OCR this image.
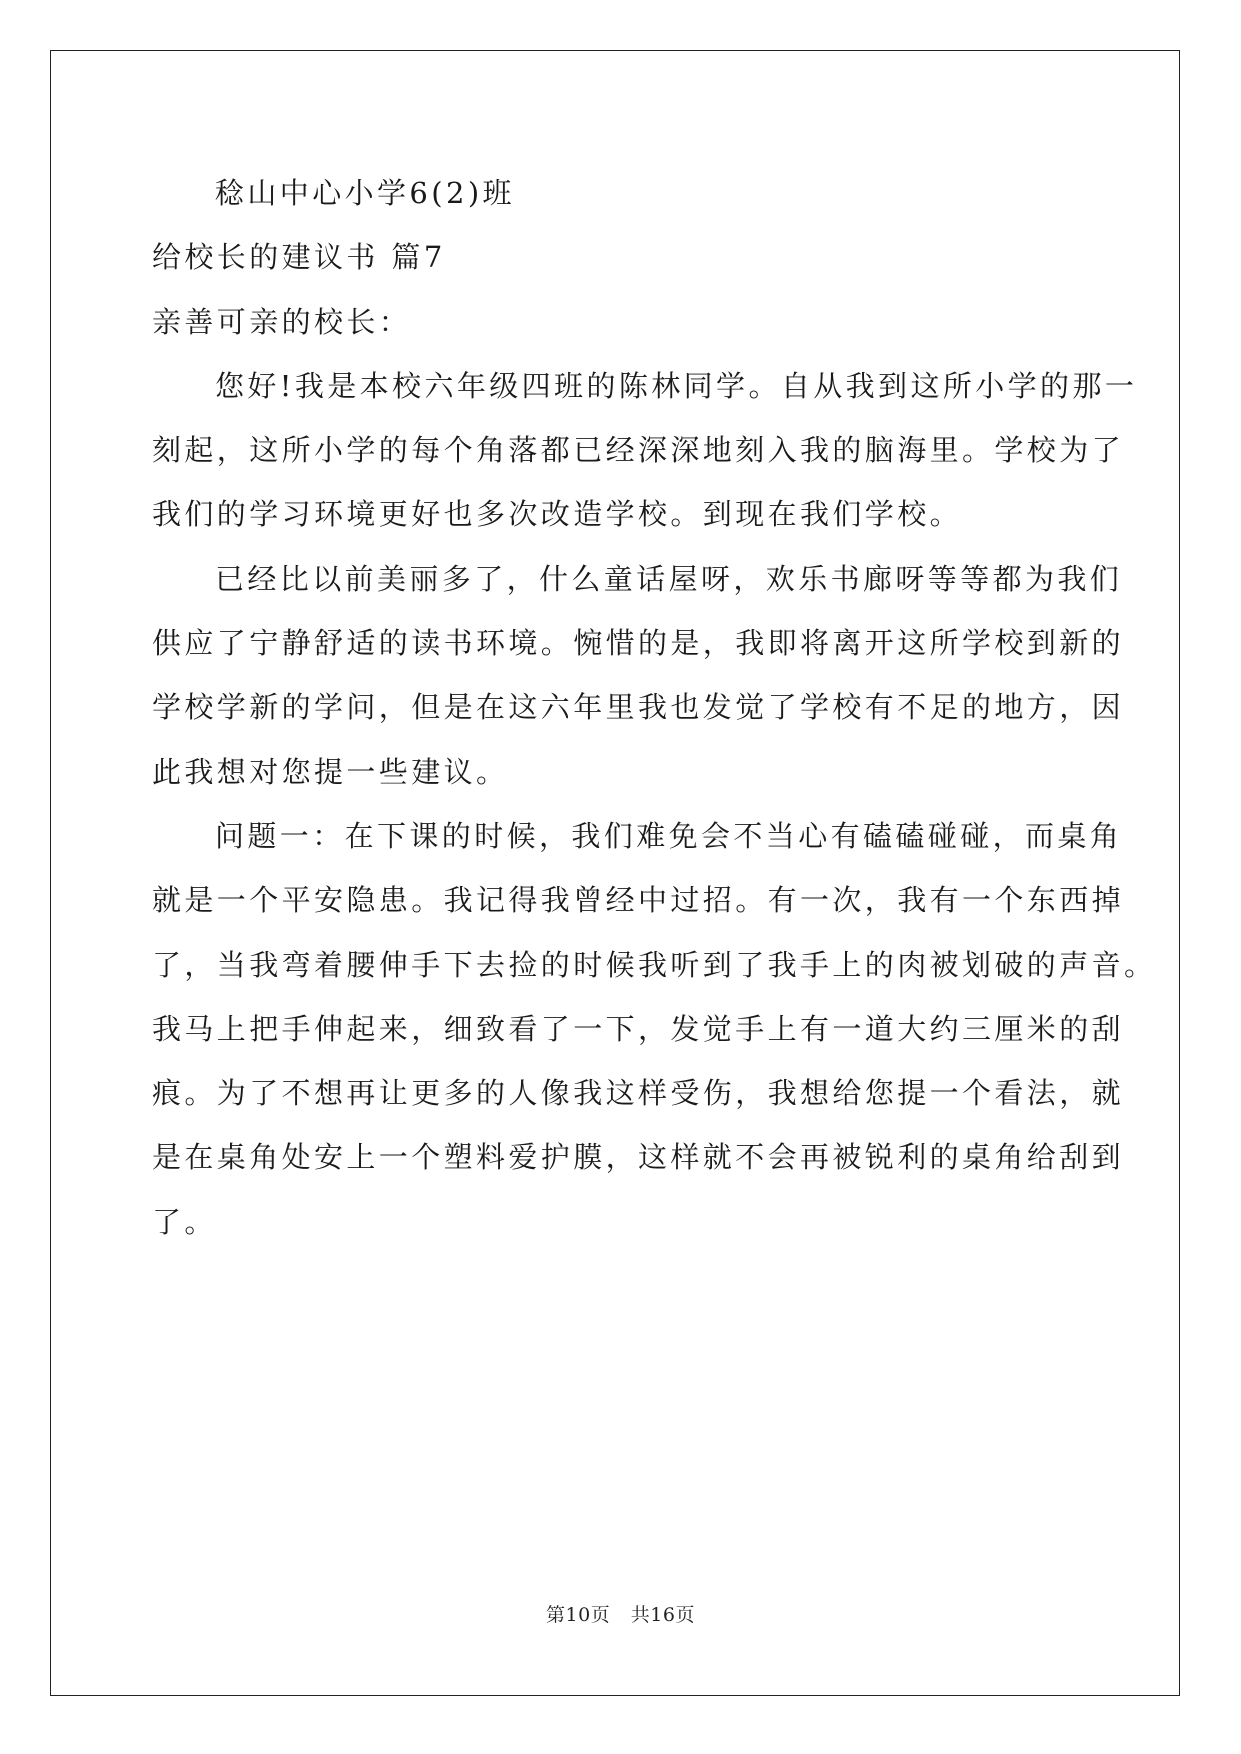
稔山中心小学6(2)班
给校长的建议书 篇7
亲善可亲的校长：
您好!我是本校六年级四班的陈林同学。自从我到这所小学的那一
刻起，这所小学的每个角落都已经深深地刻入我的脑海里。学校为了
我们的学习环境更好也多次改造学校。到现在我们学校。
已经比以前美丽多了，什么童话屋呀，欢乐书廊呀等等都为我们
供应了宁静舒适的读书环境。惋惜的是，我即将离开这所学校到新的
学校学新的学问，但是在这六年里我也发觉了学校有不足的地方，因
此我想对您提一些建议。
问题一：在下课的时候，我们难免会不当心有磕磕碰碰，而桌角
就是一个平安隐患。我记得我曾经中过招。有一次，我有一个东西掉
了，当我弯着腰伸手下去捡的时候我听到了我手上的肉被划破的声音。
我马上把手伸起来，细致看了一下，发觉手上有一道大约三厘米的刮
痕。为了不想再让更多的人像我这样受伤，我想给您提一个看法，就
是在桌角处安上一个塑料爱护膜，这样就不会再被锐利的桌角给刮到
了。
第10页 共16页
